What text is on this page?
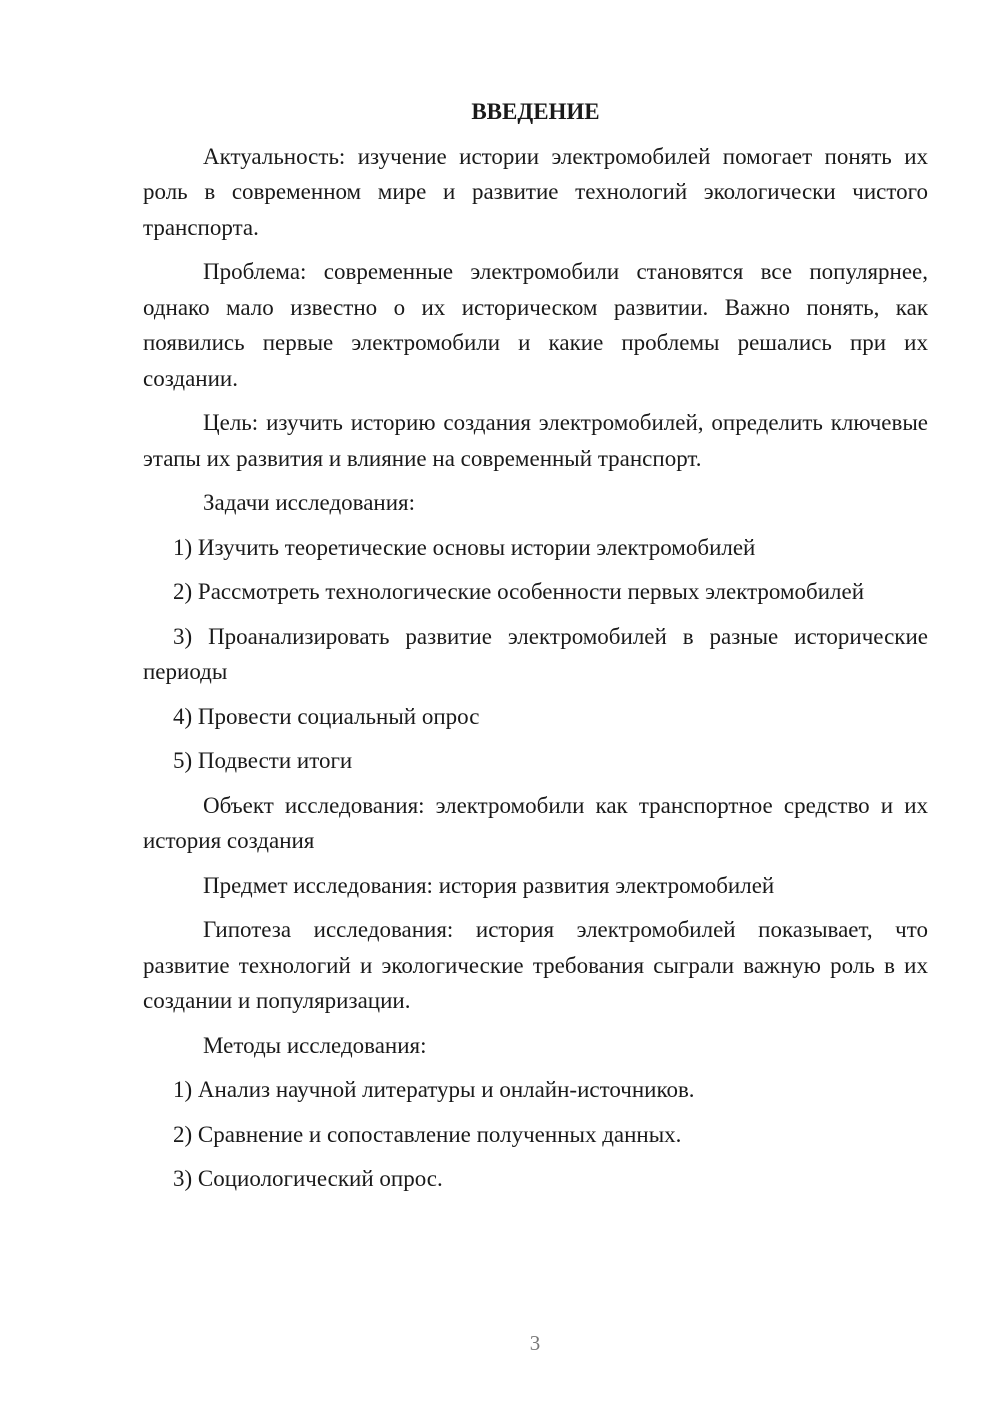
ВВЕДЕНИЕ
Актуальность: изучение истории электромобилей помогает понять их роль в современном мире и развитие технологий экологически чистого транспорта.
Проблема: современные электромобили становятся все популярнее, однако мало известно о их историческом развитии. Важно понять, как появились первые электромобили и какие проблемы решались при их создании.
Цель: изучить историю создания электромобилей, определить ключевые этапы их развития и влияние на современный транспорт.
Задачи исследования:
1) Изучить теоретические основы истории электромобилей
2) Рассмотреть технологические особенности первых электромобилей
3) Проанализировать развитие электромобилей в разные исторические периоды
4) Провести социальный опрос
5) Подвести итоги
Объект исследования: электромобили как транспортное средство и их история создания
Предмет исследования: история развития электромобилей
Гипотеза исследования: история электромобилей показывает, что развитие технологий и экологические требования сыграли важную роль в их создании и популяризации.
Методы исследования:
1) Анализ научной литературы и онлайн-источников.
2) Сравнение и сопоставление полученных данных.
3) Социологический опрос.
3
